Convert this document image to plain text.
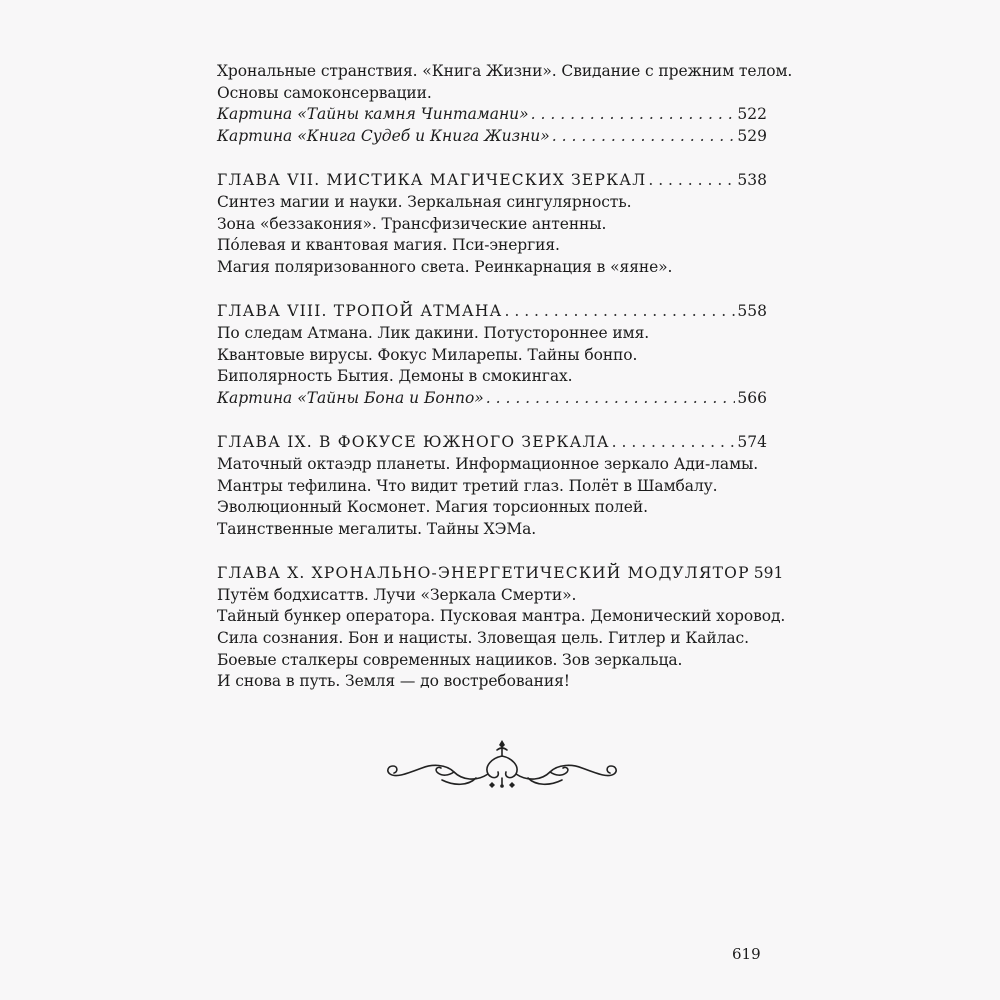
Хрональные странствия. «Книга Жизни». Свидание с прежним телом.
Основы самоконсервации.
Картина «Тайны камня Чинтамани» . . .	522
Картина «Книга Судеб и Книга Жизни» . . .	529
ГЛАВА VII. МИСТИКА МАГИЧЕСКИХ ЗЕРКАЛ . . .	538
Синтез магии и науки. Зеркальная сингулярность.
Зона «беззакония». Трансфизические антенны.
По́левая и квантовая магия. Пси-энергия.
Магия поляризованного света. Реинкарнация в «яяне».
ГЛАВА VIII. ТРОПОЙ АТМАНА . . .	558
По следам Атмана. Лик дакини. Потустороннее имя.
Квантовые вирусы. Фокус Миларепы. Тайны бонпо.
Биполярность Бытия. Демоны в смокингах.
Картина «Тайны Бона и Бонпо» . . .	566
ГЛАВА IX. В ФОКУСЕ ЮЖНОГО ЗЕРКАЛА . . .	574
Маточный октаэдр планеты. Информационное зеркало Ади-ламы.
Мантры тефилина. Что видит третий глаз. Полёт в Шамбалу.
Эволюционный Космонет. Магия торсионных полей.
Таинственные мегалиты. Тайны ХЭМа.
ГЛАВА X. ХРОНАЛЬНО-ЭНЕРГЕТИЧЕСКИЙ МОДУЛЯТОР 591
Путём бодхисаттв. Лучи «Зеркала Смерти».
Тайный бункер оператора. Пусковая мантра. Демонический хоровод.
Сила сознания. Бон и нацисты. Зловещая цель. Гитлер и Кайлас.
Боевые сталкеры современных нацииков. Зов зеркальца.
И снова в путь. Земля — до востребования!
619
